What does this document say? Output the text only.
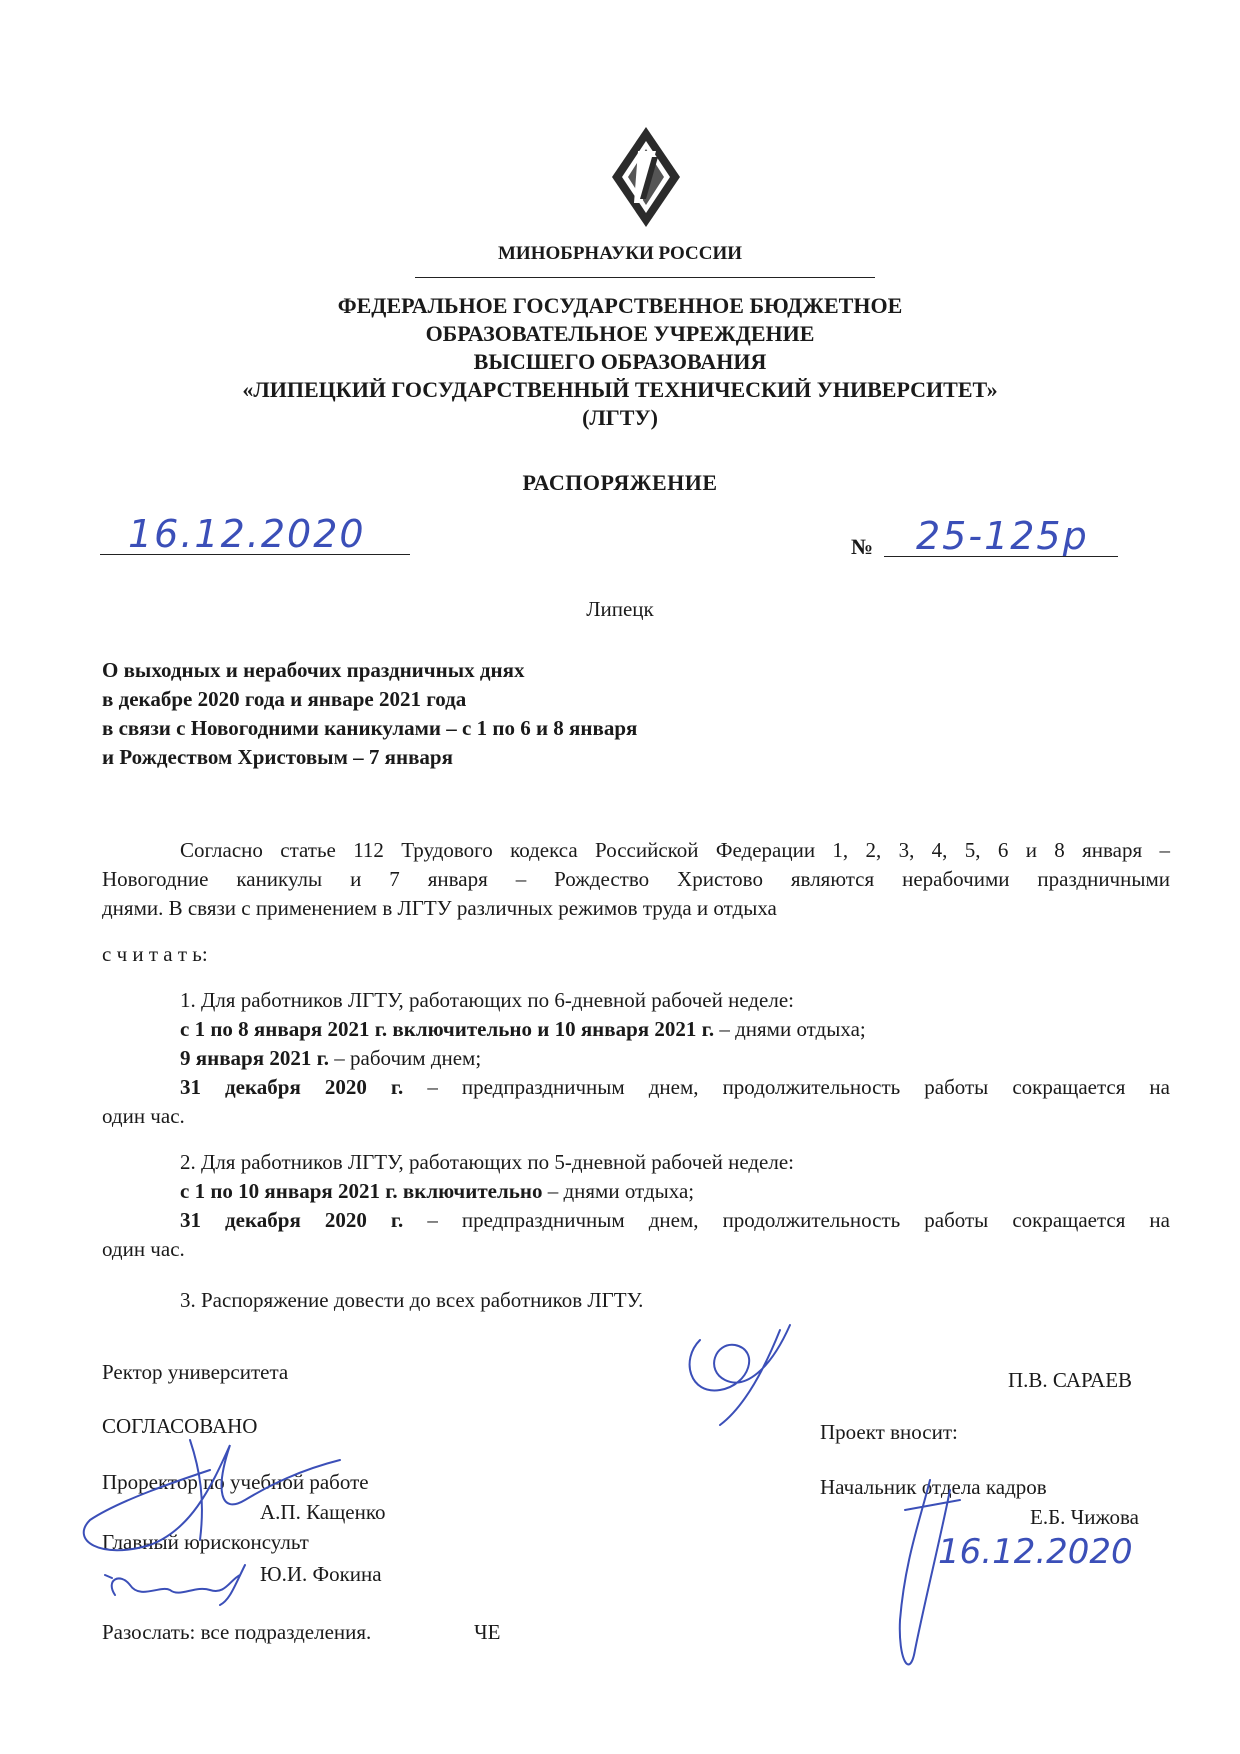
МИНОБРНАУКИ РОССИИ
ФЕДЕРАЛЬНОЕ ГОСУДАРСТВЕННОЕ БЮДЖЕТНОЕ
ОБРАЗОВАТЕЛЬНОЕ УЧРЕЖДЕНИЕ
ВЫСШЕГО ОБРАЗОВАНИЯ
«ЛИПЕЦКИЙ ГОСУДАРСТВЕННЫЙ ТЕХНИЧЕСКИЙ УНИВЕРСИТЕТ»
(ЛГТУ)
РАСПОРЯЖЕНИЕ
16.12.2020	№ 25-125р
Липецк
О выходных и нерабочих праздничных днях
в декабре 2020 года и январе 2021 года
в связи с Новогодними каникулами – с 1 по 6 и 8 января
и Рождеством Христовым – 7 января
Согласно статье 112 Трудового кодекса Российской Федерации 1, 2, 3, 4, 5, 6 и 8 января –
Новогодние каникулы и 7 января – Рождество Христово являются нерабочими праздничными
днями. В связи с применением в ЛГТУ различных режимов труда и отдыха
с ч и т а т ь:
1. Для работников ЛГТУ, работающих по 6-дневной рабочей неделе:
с 1 по 8 января 2021 г. включительно и 10 января 2021 г. – днями отдыха;
9 января 2021 г. – рабочим днем;
31 декабря 2020 г. – предпраздничным днем, продолжительность работы сокращается на
один час.
2. Для работников ЛГТУ, работающих по 5-дневной рабочей неделе:
с 1 по 10 января 2021 г. включительно – днями отдыха;
31 декабря 2020 г. – предпраздничным днем, продолжительность работы сокращается на
один час.
3. Распоряжение довести до всех работников ЛГТУ.
Ректор университета	П.В. САРАЕВ
СОГЛАСОВАНО	Проект вносит:
Проректор по учебной работе
А.П. Кащенко
Начальник отдела кадров
Е.Б. Чижова
Главный юрисконсульт
Ю.И. Фокина
16.12.2020
Разослать: все подразделения.	ЧЕ
